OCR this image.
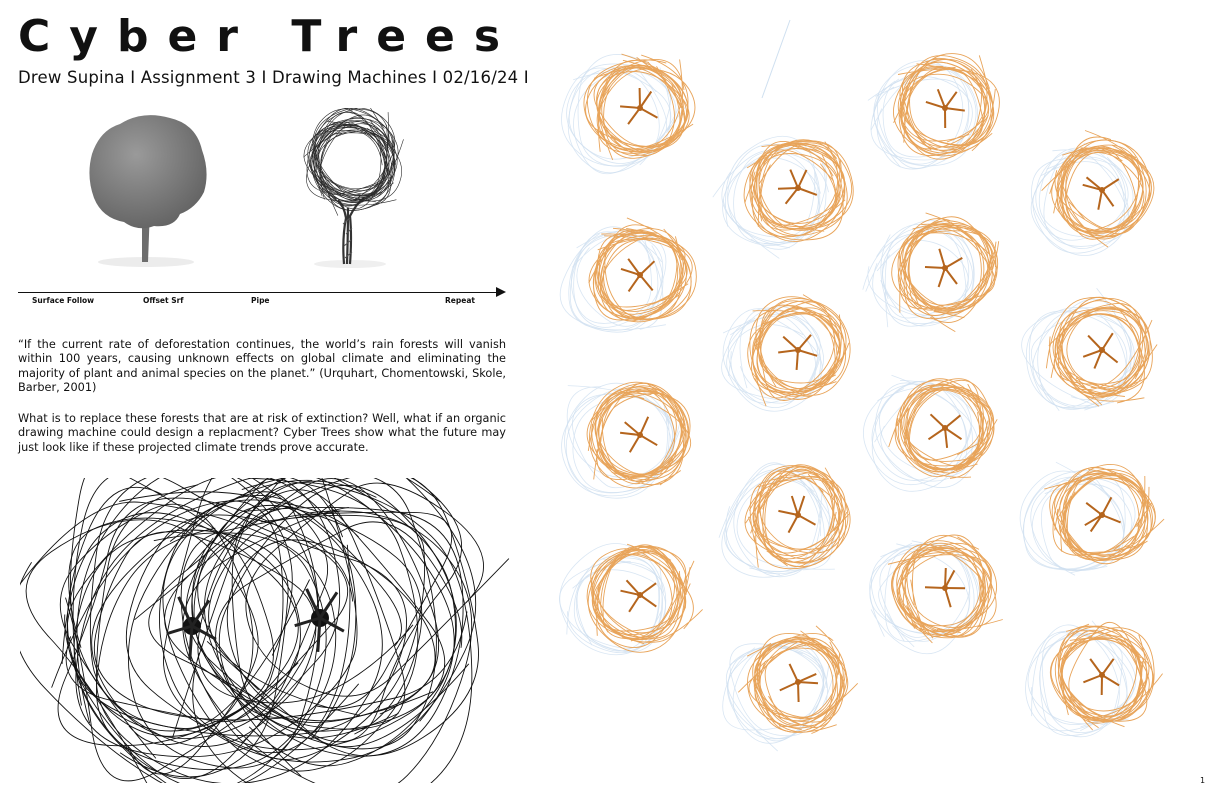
Cyber Trees
Drew Supina I Assignment 3 I Drawing Machines I 02/16/24 I
Surface Follow	Offset Srf	Pipe	Repeat

“If the current rate of deforestation continues, the world’s rain forests will vanish within 100 years, causing unknown effects on global climate and eliminating the majority of plant and animal species on the planet.” (Urquhart, Chomentowski, Skole, Barber, 2001)

What is to replace these forests that are at risk of extinction? Well, what if an organic drawing machine could design a replacment? Cyber Trees show what the future may just look like if these projected climate trends prove accurate.

1
